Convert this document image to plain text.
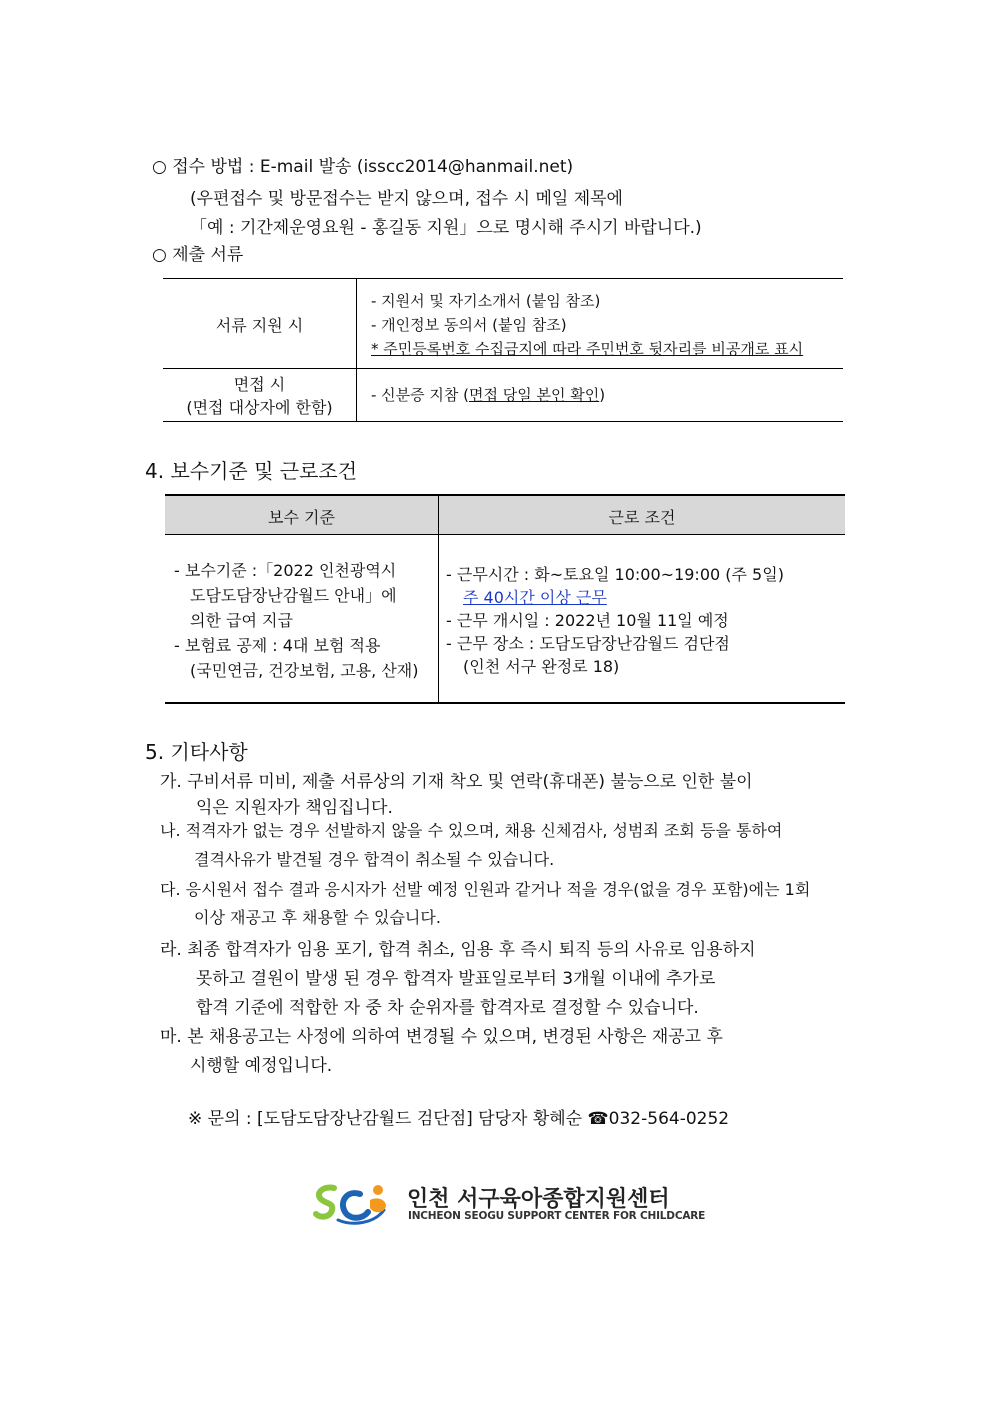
○ 접수 방법 : E-mail 발송 (isscc2014@hanmail.net)
(우편접수 및 방문접수는 받지 않으며, 접수 시 메일 제목에
「예 : 기간제운영요원 - 홍길동 지원」으로 명시해 주시기 바랍니다.)
○ 제출 서류
서류 지원 시
- 지원서 및 자기소개서 (붙임 참조)
- 개인정보 동의서 (붙임 참조)
* 주민등록번호 수집금지에 따라 주민번호 뒷자리를 비공개로 표시
면접 시
(면접 대상자에 한함)
- 신분증 지참 (면접 당일 본인 확인)
4. 보수기준 및 근로조건
보수 기준	근로 조건
- 보수기준 :「2022 인천광역시
도담도담장난감월드 안내」에
의한 급여 지급
- 보험료 공제 : 4대 보험 적용
(국민연금, 건강보험, 고용, 산재)
- 근무시간 : 화~토요일 10:00~19:00 (주 5일)
주 40시간 이상 근무
- 근무 개시일 : 2022년 10월 11일 예정
- 근무 장소 : 도담도담장난감월드 검단점
(인천 서구 완정로 18)
5. 기타사항
가. 구비서류 미비, 제출 서류상의 기재 착오 및 연락(휴대폰) 불능으로 인한 불이
익은 지원자가 책임집니다.
나. 적격자가 없는 경우 선발하지 않을 수 있으며, 채용 신체검사, 성범죄 조회 등을 통하여
결격사유가 발견될 경우 합격이 취소될 수 있습니다.
다. 응시원서 접수 결과 응시자가 선발 예정 인원과 같거나 적을 경우(없을 경우 포함)에는 1회
이상 재공고 후 채용할 수 있습니다.
라. 최종 합격자가 임용 포기, 합격 취소, 임용 후 즉시 퇴직 등의 사유로 임용하지
못하고 결원이 발생 된 경우 합격자 발표일로부터 3개월 이내에 추가로
합격 기준에 적합한 자 중 차 순위자를 합격자로 결정할 수 있습니다.
마. 본 채용공고는 사정에 의하여 변경될 수 있으며, 변경된 사항은 재공고 후
시행할 예정입니다.
※ 문의 : [도담도담장난감월드 검단점] 담당자 황혜순 ☎032-564-0252
인천 서구육아종합지원센터
INCHEON SEOGU SUPPORT CENTER FOR CHILDCARE
